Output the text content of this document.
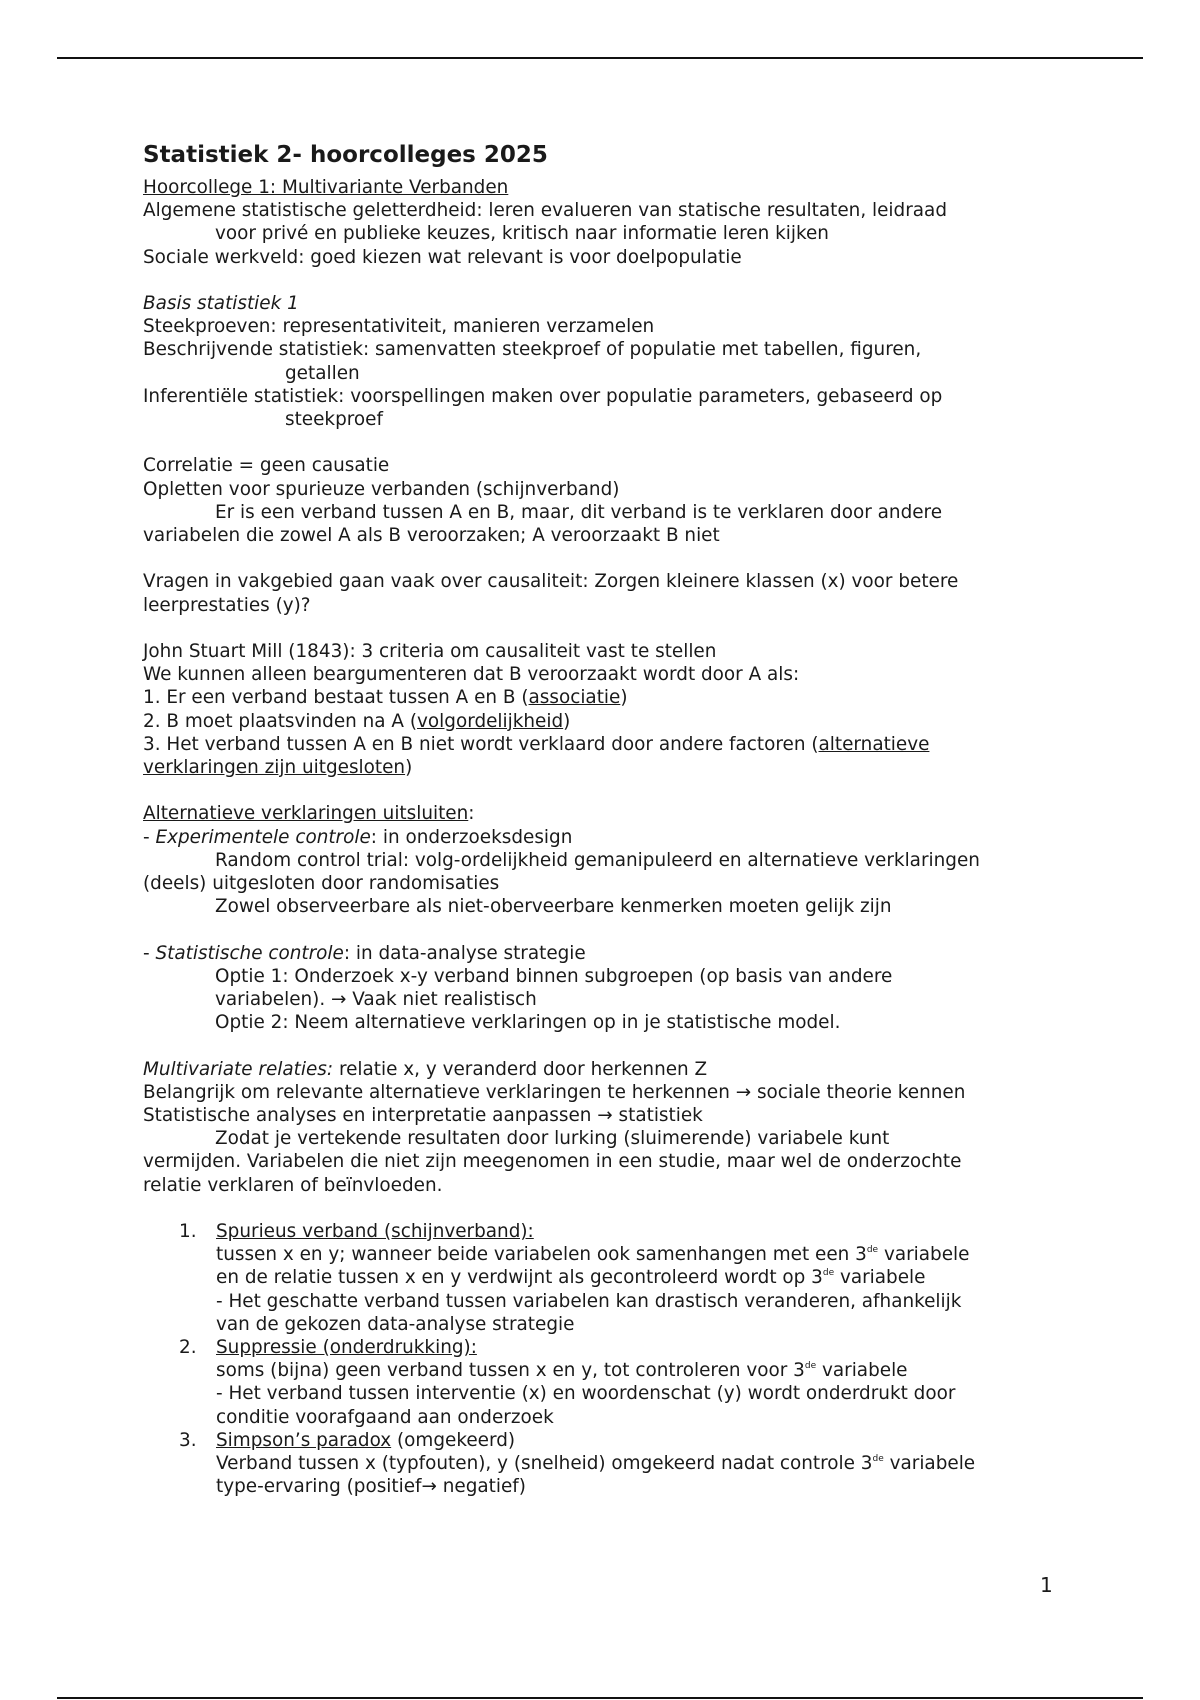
Statistiek 2- hoorcolleges 2025
Hoorcollege 1: Multivariante Verbanden
Algemene statistische geletterdheid: leren evalueren van statische resultaten, leidraad
voor privé en publieke keuzes, kritisch naar informatie leren kijken
Sociale werkveld: goed kiezen wat relevant is voor doelpopulatie
Basis statistiek 1
Steekproeven: representativiteit, manieren verzamelen
Beschrijvende statistiek: samenvatten steekproef of populatie met tabellen, figuren,
getallen
Inferentiële statistiek: voorspellingen maken over populatie parameters, gebaseerd op
steekproef
Correlatie = geen causatie
Opletten voor spurieuze verbanden (schijnverband)
Er is een verband tussen A en B, maar, dit verband is te verklaren door andere
variabelen die zowel A als B veroorzaken; A veroorzaakt B niet
Vragen in vakgebied gaan vaak over causaliteit: Zorgen kleinere klassen (x) voor betere
leerprestaties (y)?
John Stuart Mill (1843): 3 criteria om causaliteit vast te stellen
We kunnen alleen beargumenteren dat B veroorzaakt wordt door A als:
1. Er een verband bestaat tussen A en B (associatie)
2. B moet plaatsvinden na A (volgordelijkheid)
3. Het verband tussen A en B niet wordt verklaard door andere factoren (alternatieve
verklaringen zijn uitgesloten)
Alternatieve verklaringen uitsluiten:
- Experimentele controle: in onderzoeksdesign
Random control trial: volg-ordelijkheid gemanipuleerd en alternatieve verklaringen
(deels) uitgesloten door randomisaties
Zowel observeerbare als niet-oberveerbare kenmerken moeten gelijk zijn
- Statistische controle: in data-analyse strategie
Optie 1: Onderzoek x-y verband binnen subgroepen (op basis van andere
variabelen). → Vaak niet realistisch
Optie 2: Neem alternatieve verklaringen op in je statistische model.
Multivariate relaties: relatie x, y veranderd door herkennen Z
Belangrijk om relevante alternatieve verklaringen te herkennen → sociale theorie kennen
Statistische analyses en interpretatie aanpassen → statistiek
Zodat je vertekende resultaten door lurking (sluimerende) variabele kunt
vermijden. Variabelen die niet zijn meegenomen in een studie, maar wel de onderzochte
relatie verklaren of beïnvloeden.
1. Spurieus verband (schijnverband):
tussen x en y; wanneer beide variabelen ook samenhangen met een 3de variabele
en de relatie tussen x en y verdwijnt als gecontroleerd wordt op 3de variabele
- Het geschatte verband tussen variabelen kan drastisch veranderen, afhankelijk
van de gekozen data-analyse strategie
2. Suppressie (onderdrukking):
soms (bijna) geen verband tussen x en y, tot controleren voor 3de variabele
- Het verband tussen interventie (x) en woordenschat (y) wordt onderdrukt door
conditie voorafgaand aan onderzoek
3. Simpson’s paradox (omgekeerd)
Verband tussen x (typfouten), y (snelheid) omgekeerd nadat controle 3de variabele
type-ervaring (positief→ negatief)
1
